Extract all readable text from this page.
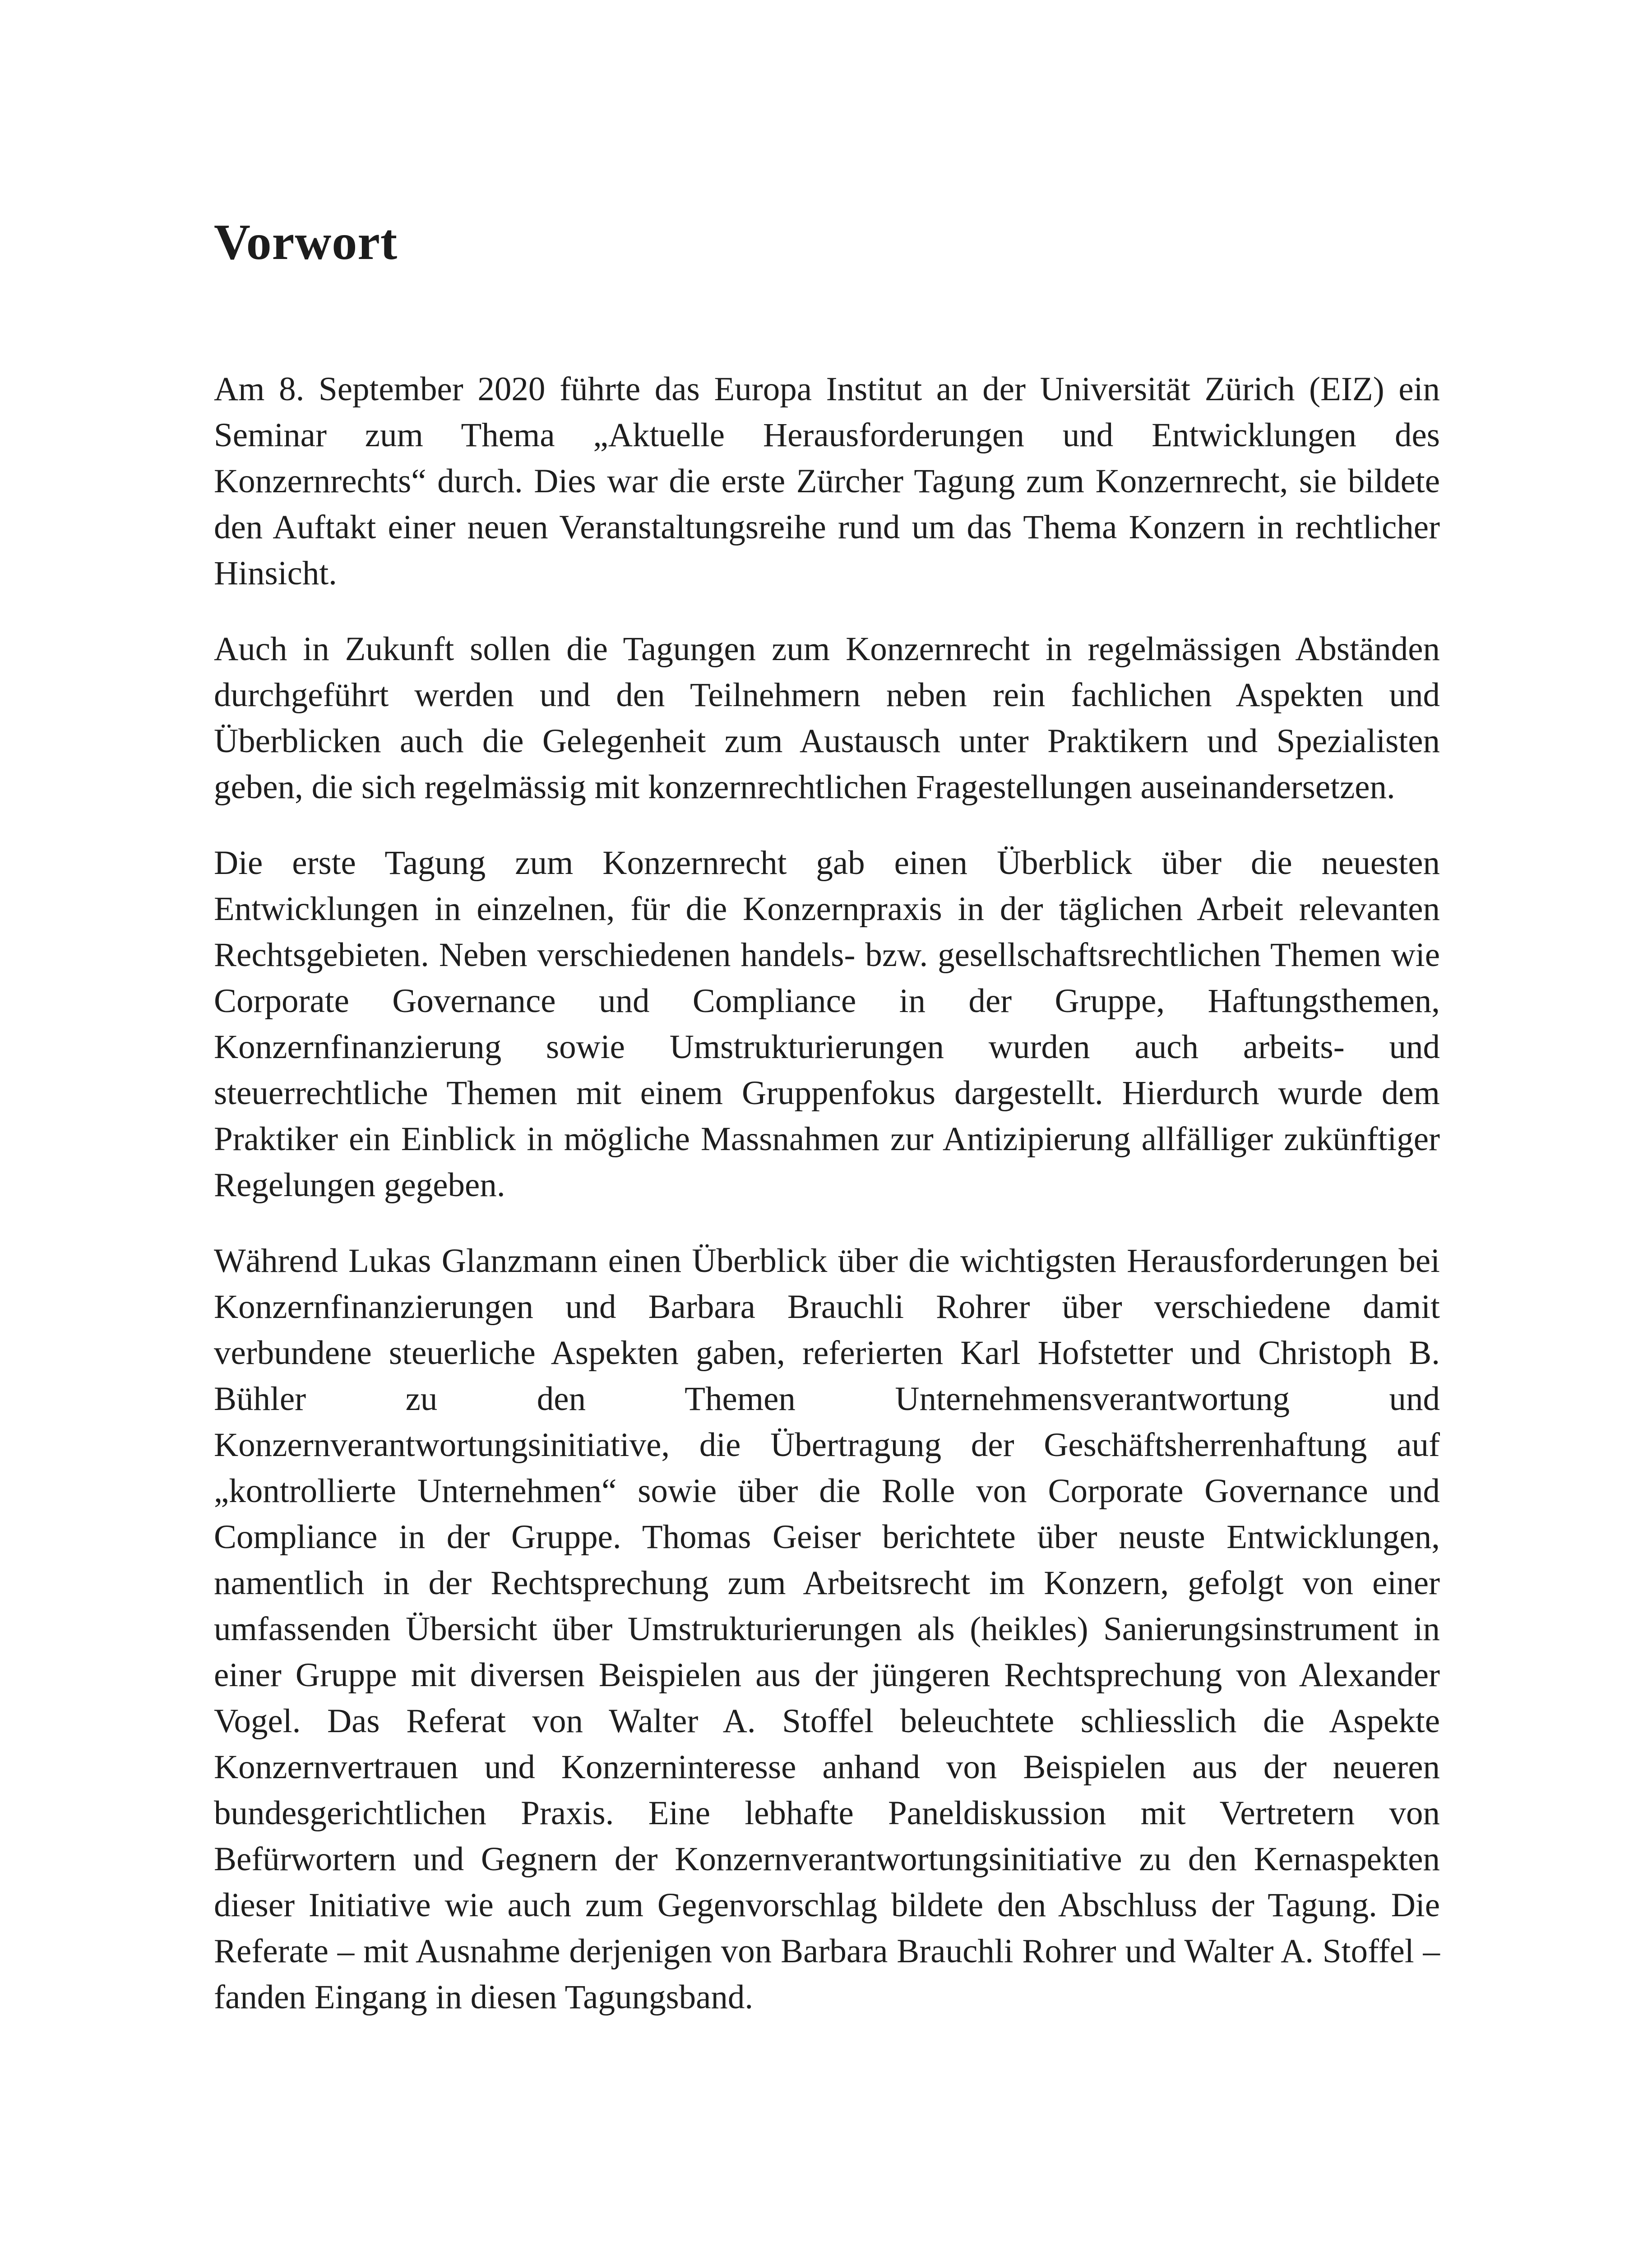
Vorwort

Am 8. September 2020 führte das Europa Institut an der Universität Zürich (EIZ) ein Seminar zum Thema „Aktuelle Herausforderungen und Entwicklungen des Konzernrechts“ durch. Dies war die erste Zürcher Tagung zum Konzernrecht, sie bildete den Auftakt einer neuen Veranstaltungsreihe rund um das Thema Konzern in rechtlicher Hinsicht.

Auch in Zukunft sollen die Tagungen zum Konzernrecht in regelmässigen Abständen durchgeführt werden und den Teilnehmern neben rein fachlichen Aspekten und Überblicken auch die Gelegenheit zum Austausch unter Praktikern und Spezialisten geben, die sich regelmässig mit konzernrechtlichen Fragestellungen auseinandersetzen.

Die erste Tagung zum Konzernrecht gab einen Überblick über die neuesten Entwicklungen in einzelnen, für die Konzernpraxis in der täglichen Arbeit relevanten Rechtsgebieten. Neben verschiedenen handels- bzw. gesellschaftsrechtlichen Themen wie Corporate Governance und Compliance in der Gruppe, Haftungsthemen, Konzernfinanzierung sowie Umstrukturierungen wurden auch arbeits- und steuerrechtliche Themen mit einem Gruppenfokus dargestellt. Hierdurch wurde dem Praktiker ein Einblick in mögliche Massnahmen zur Antizipierung allfälliger zukünftiger Regelungen gegeben.

Während Lukas Glanzmann einen Überblick über die wichtigsten Herausforderungen bei Konzernfinanzierungen und Barbara Brauchli Rohrer über verschiedene damit verbundene steuerliche Aspekten gaben, referierten Karl Hofstetter und Christoph B. Bühler zu den Themen Unternehmensverantwortung und Konzernverantwortungsinitiative, die Übertragung der Geschäftsherrenhaftung auf „kontrollierte Unternehmen“ sowie über die Rolle von Corporate Governance und Compliance in der Gruppe. Thomas Geiser berichtete über neuste Entwicklungen, namentlich in der Rechtsprechung zum Arbeitsrecht im Konzern, gefolgt von einer umfassenden Übersicht über Umstrukturierungen als (heikles) Sanierungsinstrument in einer Gruppe mit diversen Beispielen aus der jüngeren Rechtsprechung von Alexander Vogel. Das Referat von Walter A. Stoffel beleuchtete schliesslich die Aspekte Konzernvertrauen und Konzerninteresse anhand von Beispielen aus der neueren bundesgerichtlichen Praxis. Eine lebhafte Paneldiskussion mit Vertretern von Befürwortern und Gegnern der Konzernverantwortungsinitiative zu den Kernaspekten dieser Initiative wie auch zum Gegenvorschlag bildete den Abschluss der Tagung. Die Referate – mit Ausnahme derjenigen von Barbara Brauchli Rohrer und Walter A. Stoffel – fanden Eingang in diesen Tagungsband.
